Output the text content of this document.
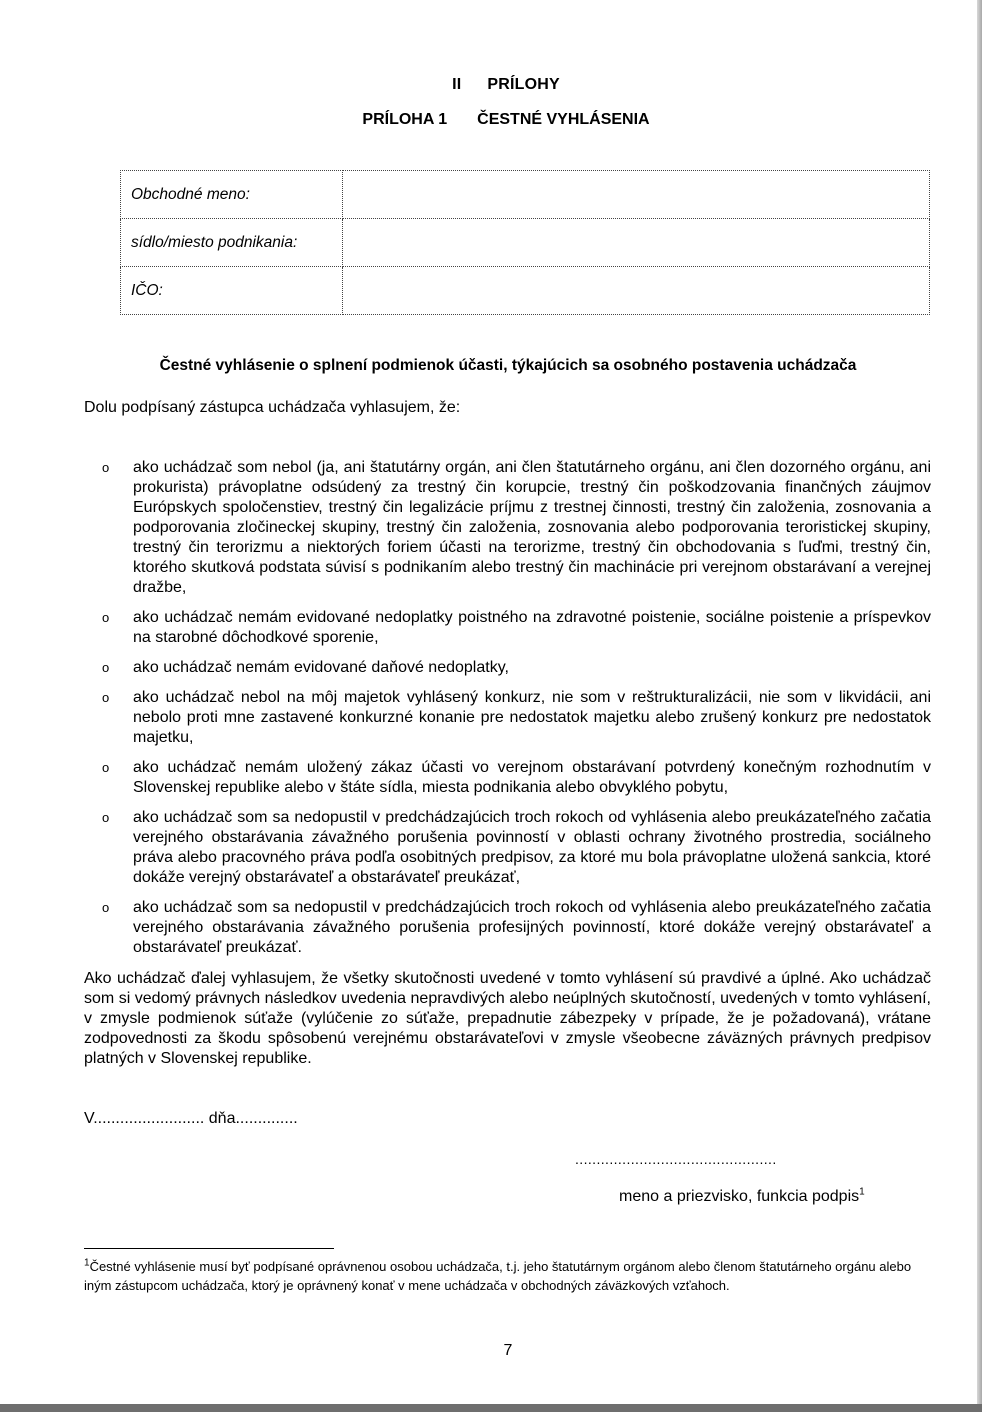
II PRÍLOHY
PRÍLOHA 1 ČESTNÉ VYHLÁSENIA
Obchodné meno:	
sídlo/miesto podnikania:	
IČO:	
Čestné vyhlásenie o splnení podmienok účasti, týkajúcich sa osobného postavenia uchádzača
Dolu podpísaný zástupca uchádzača vyhlasujem, že:
o ako uchádzač som nebol (ja, ani štatutárny orgán, ani člen štatutárneho orgánu, ani člen dozorného orgánu, ani prokurista) právoplatne odsúdený za trestný čin korupcie, trestný čin poškodzovania finančných záujmov Európskych spoločenstiev, trestný čin legalizácie príjmu z trestnej činnosti, trestný čin založenia, zosnovania a podporovania zločineckej skupiny, trestný čin založenia, zosnovania alebo podporovania teroristickej skupiny, trestný čin terorizmu a niektorých foriem účasti na terorizme, trestný čin obchodovania s ľuďmi, trestný čin, ktorého skutková podstata súvisí s podnikaním alebo trestný čin machinácie pri verejnom obstarávaní a verejnej dražbe,
o ako uchádzač nemám evidované nedoplatky poistného na zdravotné poistenie, sociálne poistenie a príspevkov na starobné dôchodkové sporenie,
o ako uchádzač nemám evidované daňové nedoplatky,
o ako uchádzač nebol na môj majetok vyhlásený konkurz, nie som v reštrukturalizácii, nie som v likvidácii, ani nebolo proti mne zastavené konkurzné konanie pre nedostatok majetku alebo zrušený konkurz pre nedostatok majetku,
o ako uchádzač nemám uložený zákaz účasti vo verejnom obstarávaní potvrdený konečným rozhodnutím v Slovenskej republike alebo v štáte sídla, miesta podnikania alebo obvyklého pobytu,
o ako uchádzač som sa nedopustil v predchádzajúcich troch rokoch od vyhlásenia alebo preukázateľného začatia verejného obstarávania závažného porušenia povinností v oblasti ochrany životného prostredia, sociálneho práva alebo pracovného práva podľa osobitných predpisov, za ktoré mu bola právoplatne uložená sankcia, ktoré dokáže verejný obstarávateľ a obstarávateľ preukázať,
o ako uchádzač som sa nedopustil v predchádzajúcich troch rokoch od vyhlásenia alebo preukázateľného začatia verejného obstarávania závažného porušenia profesijných povinností, ktoré dokáže verejný obstarávateľ a obstarávateľ preukázať.
Ako uchádzač ďalej vyhlasujem, že všetky skutočnosti uvedené v tomto vyhlásení sú pravdivé a úplné. Ako uchádzač som si vedomý právnych následkov uvedenia nepravdivých alebo neúplných skutočností, uvedených v tomto vyhlásení, v zmysle podmienok súťaže (vylúčenie zo súťaže, prepadnutie zábezpeky v prípade, že je požadovaná), vrátane zodpovednosti za škodu spôsobenú verejnému obstarávateľovi v zmysle všeobecne záväzných právnych predpisov platných v Slovenskej republike.
V......................... dňa..............
...............................................
meno a priezvisko, funkcia podpis$^1$
$^1$Čestné vyhlásenie musí byť podpísané oprávnenou osobou uchádzača, t.j. jeho štatutárnym orgánom alebo členom štatutárneho orgánu alebo iným zástupcom uchádzača, ktorý je oprávnený konať v mene uchádzača v obchodných záväzkových vzťahoch.
7
